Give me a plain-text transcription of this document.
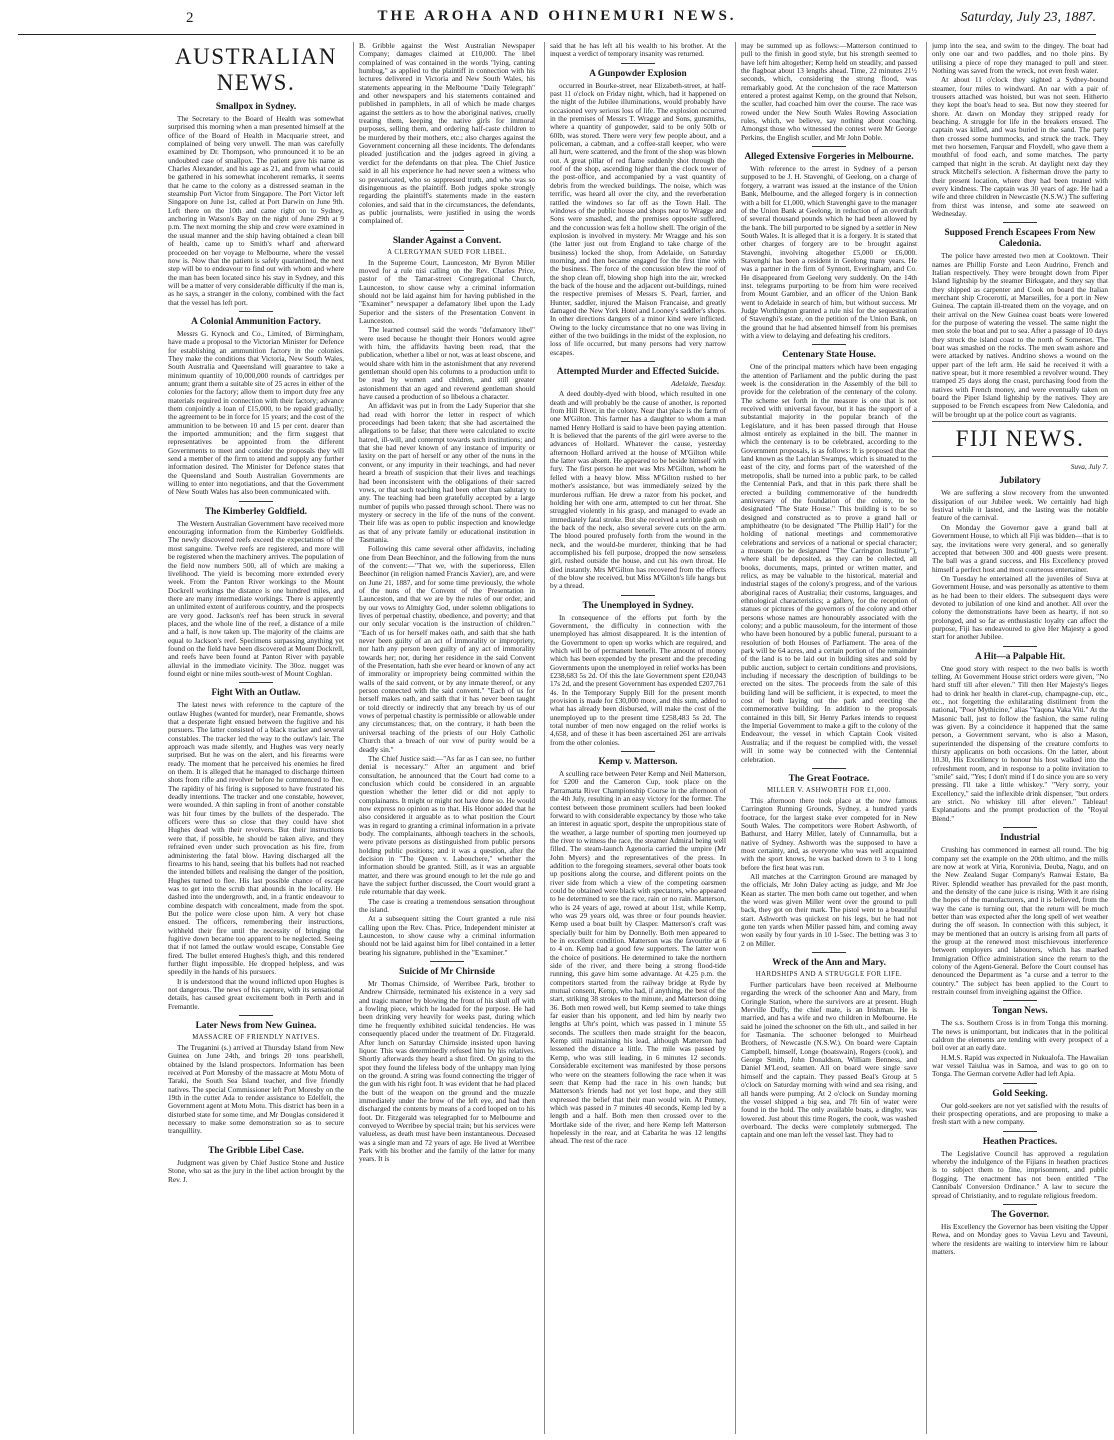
2	THE AROHA AND OHINEMURI NEWS.	Saturday, July 23, 1887.
AUSTRALIAN NEWS.
Smallpox in Sydney.

The Secretary to the Board of Health was somewhat surprised this morning when a man presented himself at the office of the Board of Health in Macquarie street, and complained of being very unwell. The man was carefully examined by Dr. Thompson, who pronounced it to be an undoubted case of smallpox. The patient gave his name as Charles Alexander, and his age as 21, and from what could be gathered in his somewhat incoherent remarks, it seems that he came to the colony as a distressed seaman in the steamship Port Victor from Singapore. The Port Victor left Singapore on June 1st, called at Port Darwin on June 9th. Left there on the 10th and came right on to Sydney, anchoring in Watson's Bay on the night of June 29th at 9 p.m. The next morning the ship and crew were examined in the usual manner and the ship having obtained a clean bill of health, came up to Smith's wharf and afterward proceeded on her voyage to Melbourne, where the vessel now is. Now that the patient is safely quarantined, the next step will be to endeavour to find out with whom and where the man has been located since his stay in Sydney, and this will be a matter of very considerable difficulty if the man is, as he says, a stranger in the colony, combined with the fact that the vessel has left port.

A Colonial Ammunition Factory.

Messrs G. Kynock and Co., Limited, of Birmingham, have made a proposal to the Victorian Minister for Defence for establishing an ammunition factory in the colonies. They make the conditions that Victoria, New South Wales, South Australia and Queensland will guarantee to take a minimum quantity of 10,000,000 rounds of cartridges per annum; grant them a suitable site of 25 acres in either of the colonies for the factory; allow them to import duty free any materials required in connection with their factory; advance them conjointly a loan of £15,000, to be repaid gradually; the agreement to be in force for 15 years; and the cost of the ammunition to be between 10 and 15 per cent. dearer than the imported ammunition; and the firm suggest that representatives be appointed from the different Governments to meet and consider the proposals they will send a member of the firm to attend and supply any further information desired. The Minister for Defence states that the Queensland and South Australian Governments are willing to enter into negotiations, and that the Government of New South Wales has also been communicated with.

The Kimberley Goldfield.

The Western Australian Government have received more encouraging information from the Kimberley Goldfields. The newly discovered reefs exceed the expectations of the most sanguine. Twelve reefs are registered, and more will be registered when the machinery arrives. The population of the field now numbers 500, all of which are making a livelihood. The yield is becoming more extended every week. From the Panton River workings to the Mount Dockrell workings the distance is one hundred miles, and there are many intermediate workings. There is apparently an unlimited extent of auriferous country, and the prospects are very good. Jackson's reef has been struck in several places, and the whole line of the reef, a distance of a mile and a half, is now taken up. The majority of the claims are equal to Jackson's reef. Specimens surpassing anything yet found on the field have been discovered at Mount Dockrell, and reefs have been found at Panton River with payable alluvial in the immediate vicinity. The 30oz. nugget was found eight or nine miles south-west of Mount Coghlan.

Fight With an Outlaw.

The latest news with reference to the capture of the outlaw Hughes (wanted for murder), near Fremantle, shows that a desperate fight ensued between the fugitive and his pursuers. The latter consisted of a black tracker and several constables. The tracker led the way to the outlaw's lair. The approach was made silently, and Hughes was very nearly surprised. But he was on the alert, and his firearms were ready. The moment that he perceived his enemies he fired on them. It is alleged that he managed to discharge thirteen shots from rifle and revolver before he commenced to flee. The rapidity of his firing is supposed to have frustrated his deadly intentions. The tracker and one constable, however, were wounded. A thin sapling in front of another constable was hit four times by the bullets of the desperado. The officers were thus so close that they could have shot Hughes dead with their revolvers. But their instructions were that, if possible, he should be taken alive, and they refrained even under such provocation as his fire, from administering the fatal blow. Having discharged all the firearms to his hand, seeing that his bullets had not reached the intended billets and realising the danger of the position, Hughes turned to flee. His last possible chance of escape was to get into the scrub that abounds in the locality. He dashed into the undergrowth, and, in a frantic endeavour to combine despatch with concealment, made from the spot. But the police were close upon him. A very hot chase ensued. The officers, remembering their instructions, withheld their fire until the necessity of bringing the fugitive down became too apparent to be neglected. Seeing that if not lamed the outlaw would escape, Constable Gee fired. The bullet entered Hughes's thigh, and this rendered further flight impossible. He dropped helpless, and was speedily in the hands of his pursuers.

It is understood that the wound inflicted upon Hughes is not dangerous. The news of his capture, with its sensational details, has caused great excitement both in Perth and in Fremantle.

Later News from New Guinea.
MASSACRE OF FRIENDLY NATIVES.

The Truganini (s.) arrived at Thursday Island from New Guinea on June 24th, and brings 20 tons pearlshell, obtained by the Island prospectors. Information has been received at Port Moresby of the massacre at Motu Motu of Taraki, the South Sea Island teacher, and five friendly natives. The special Commissioner left Port Moresby on the 19th in the cutter Ada to render assistance to Edelfelt, the Government agent at Motu Motu. This district has been in a disturbed state for some time, and Mr Douglas considered it necessary to make some demonstration so as to secure tranquillity.

The Gribble Libel Case.

Judgment was given by Chief Justice Stone and Justice Stone, who sat as the jury in the libel action brought by the Rev. J.

B. Gribble against the West Australian Newspaper Company; damages claimed at £10,000. The libel complained of was contained in the words "lying, canting humbug," as applied to the plaintiff in connection with his lectures delivered in Victoria and New South Wales, his statements appearing in the Melbourne "Daily Telegraph" and other newspapers and his statements contained and published in pamphlets, in all of which he made charges against the settlers as to how the aboriginal natives, cruelly treating them, keeping the native girls for immoral purposes, selling them, and ordering half-caste children to be murdered by their mothers, etc.; also charges against the Government concerning all these incidents. The defendants pleaded justification and the judges agreed in giving a verdict for the defendants on that plea. The Chief Justice said in all his experience he had never seen a witness who so prevaricated, who so suppressed truth, and who was so disingenuous as the plaintiff. Both judges spoke strongly regarding the plaintiff's statements made in the eastern colonies, and said that in the circumstances, the defendants, as public journalists, were justified in using the words complained of.

Slander Against a Convent.
A CLERGYMAN SUED FOR LIBEL.

In the Supreme Court, Launceston, Mr Byron Miller moved for a rule nisi calling on the Rev. Charles Price, pastor of the Tamar-street Congregational Church, Launceston, to show cause why a criminal information should not be laid against him for having published in the "Examiner" newspaper a defamatory libel upon the Lady Superior and the sisters of the Presentation Convent in Launceston.

The learned counsel said the words "defamatory libel" were used because he thought their Honors would agree with him, the affidavits having been read, that the publication, whether a libel or not, was at least obscene, and would share with him in the astonishment that any reverend gentleman should open his columns to a production unfit to be read by women and children, and still greater astonishment that an aged and reverend gentleman should have caused a production of so libelous a character.

An affidavit was put in from the Lady Superior that she had read with horror the letter in respect of which proceedings had been taken; that she had ascertained the allegations to be false; that there were calculated to excite hatred, ill-will, and contempt towards such institutions; and that she had never known of any instance of impurity or laxity on the part of herself or any other of the nuns in the convent, or any impurity in their teachings, and had never heard a breath of suspicion that their lives and teachings had been inconsistent with the obligations of their sacred vows, or that such teaching had been other than salutary to any. The teaching had been gratefully accepted by a large number of pupils who passed through school. There was no mystery or secrecy in the life of the nuns of the convent. Their life was as open to public inspection and knowledge as that of any private family or educational institution in Tasmania.

Following this came several other affidavits, including one from Dean Beechinor, and the following from the nuns of the convent:—"That we, with the superioress, Ellen Beechinor (in religion named Francis Xavier), are, and were on June 21, 1887, and for some time previously, the whole of the nuns of the Convent of the Presentation in Launceston, and that we are by the rules of our order, and by our vows to Almighty God, under solemn obligations to lives of perpetual chastity, obedience, and poverty; and that our only secular vocation is the instruction of children." "Each of us for herself makes oath, and saith that she hath never been guilty of an act of immorality or impropriety, nor hath any person been guilty of any act of immorality towards her; nor, during her residence in the said Convent of the Presentation, hath she ever heard or known of any act of immorality or impropriety being committed within the walls of the said convent, or by any inmate thereof, or any person connected with the said convent." "Each of us for herself makes oath, and saith that it has never been taught or told directly or indirectly that any breach by us of our vows of perpetual chastity is permissible or allowable under any circumstances; that, on the contrary, it hath been the universal teaching of the priests of our Holy Catholic Church that a breach of our vow of purity would be a deadly sin."

The Chief Justice said:—"As far as I can see, no further denial is necessary." After an argument and brief consultation, he announced that the Court had come to a conclusion which could be considered in an arguable question whether the letter did or did not apply to complainants. It might or might not have done so. He would now express no opinion as to that. His Honor added that he also considered it arguable as to what position the Court was in regard to granting a criminal information in a private body. The complainants, although teachers in the schools, were private persons as distinguished from public persons holding public positions; and it was a question, after the decision in "The Queen v. Labouchere," whether the information should be granted. Still, as it was an arguable matter, and there was ground enough to let the rule go and have the subject further discussed, the Court would grant a rule returnable that day week.

The case is creating a tremendous sensation throughout the island.

At a subsequent sitting the Court granted a rule nisi calling upon the Rev. Chas. Price, Independent minister at Launceston, to show cause why a criminal information should not be laid against him for libel contained in a letter bearing his signature, published in the "Examiner."

Suicide of Mr Chirnside

Mr Thomas Chirnside, of Werribee Park, brother to Andrew Chirnside, terminated his existence in a very sad and tragic manner by blowing the front of his skull off with a fowling piece, which he loaded for the purpose. He had been drinking very heavily for weeks past, during which time he frequently exhibited suicidal tendencies. He was consequently placed under the treatment of Dr. Fitzgerald. After lunch on Saturday Chirnside insisted upon having liquor. This was determinedly refused him by his relatives. Shortly afterwards they heard a shot fired. On going to the spot they found the lifeless body of the unhappy man lying on the ground. A string was found connecting the trigger of the gun with his right foot. It was evident that he had placed the butt of the weapon on the ground and the muzzle immediately under the brow of the left eye, and had then discharged the contents by means of a cord looped on to his foot. Dr. Fitzgerald was telegraphed for to Melbourne and conveyed to Werribee by special train; but his services were valueless, as death must have been instantaneous. Deceased was a single man and 72 years of age. He lived at Werribee Park with his brother and the family of the latter for many years. It is

said that he has left all his wealth to his brother. At the inquest a verdict of temporary insanity was returned.

A Gunpowder Explosion

occurred in Bourke-street, near Elizabeth-street, at half-past 11 o'clock on Friday night, which, had it happened on the night of the Jubilee illuminations, would probably have occasioned very serious loss of life. The explosion occurred in the premises of Messrs T. Wragge and Sons, gunsmiths, where a quantity of gunpowder, said to be only 50lb or 60lb, was stored. There were very few people about, and a policeman, a cabman, and a coffee-stall keeper, who were all hurt, were scattered, and the front of the shop was blown out. A great pillar of red flame suddenly shot through the roof of the shop, ascending higher than the clock tower of the post-office, and accompanied by a vast quantity of debris from the wrecked buildings. The noise, which was terrific, was heard all over the city, and the reverberation rattled the windows so far off as the Town Hall. The windows of the public house and shops near to Wragge and Sons were smashed, and the premises opposite suffered, and the concussion was felt a hollow shell. The origin of the explosion is involved in mystery. Mr Wragge and his son (the latter just out from England to take charge of the business) locked the shop, from Adelaide, on Saturday morning, and then became engaged for the first time with the business. The force of the concussion blew the roof of the shop clean off, blowing shop high into the air, wrecked the back of the house and the adjacent out-buildings, ruined the respective premises of Messrs S. Pearl, farrier, and Hunter, saddler, injured the Maison Francaise, and greatly damaged the New York Hotel and Looney's saddler's shops. In other directions dangers of a minor kind were inflicted. Owing to the lucky circumstance that no one was living in either of the two buildings in the midst of the explosion, no loss of life occurred, but many persons had very narrow escapes.

Attempted Murder and Effected Suicide.
Adelaide, Tuesday.

A deed doubly-dyed with blood, which resulted in one death and will probably be the cause of another, is reported from Hill River, in the colony. Near that place is the farm of one M'Gilton. This farmer has a daughter to whom a man named Henry Hollard is said to have been paying attention. It is believed that the parents of the girl were averse to the advances of Hollard. Whatever the cause, yesterday afternoon Hollard arrived at the house of M'Gilton while the latter was absent. He appeared to be beside himself with fury. The first person he met was Mrs M'Gilton, whom he felled with a heavy blow. Miss M'Gilton rushed to her mother's assistance, but was immediately seized by the murderous ruffian. He drew a razor from his pocket, and holding her with one arm, attempted to cut her throat. She struggled violently in his grasp, and managed to evade an immediately fatal stroke. But she received a terrible gash on the back of the neck, also several severe cuts on the arm. The blood poured profusely forth from the wound in the neck, and the would-be murderer, thinking that he had accomplished his fell purpose, dropped the now senseless girl, rushed outside the house, and cut his own throat. He died instantly. Mrs M'Gilton has recovered from the effects of the blow she received, but Miss M'Gilton's life hangs but by a thread.

The Unemployed in Sydney.

In consequence of the efforts put forth by the Government, the difficulty in connection with the unemployed has almost disappeared. It is the intention of the Government to open up works which are required, and which will be of permanent benefit. The amount of money which has been expended by the present and the preceding Governments upon the unemployed in relief works has been £238,683 5s 2d. Of this the late Government spent £20,043 17s 2d, and the present Government has expended £207,761 4s. In the Temporary Supply Bill for the present month provision is made for £30,000 more, and this sum, added to what has already been disbursed, will make the cost of the unemployed up to the present time £258,483 5s 2d. The total number of men now engaged on the relief works is 4,658, and of these it has been ascertained 261 are arrivals from the other colonies.

Kemp v. Matterson.

A sculling race between Peter Kemp and Neil Matterson, for £200 and the Cameron Cup, took place on the Parramatta River Championship Course in the afternoon of the 4th July, resulting in an easy victory for the former. The contest between those prominent scullers had been looked forward to with considerable expectancy by those who take an interest in aquatic sport, despite the unpropitious state of the weather, a large number of sporting men journeyed up the river to witness the race, the steamer Admiral being well filled. The steam-launch Agenoria carried the umpire (Mr John Myers) and the representatives of the press. In addition to the foregoing steamers, several other boats took up positions along the course, and different points on the river side from which a view of the competing oarsmen could be obtained were black with spectators, who appeared to be determined to see the race, rain or no rain. Matterson, who is 24 years of age, rowed at about 11st, while Kemp, who was 29 years old, was three or four pounds heavier. Kemp used a boat built by Clasper. Matterson's craft was specially built for him by Donnelly. Both men appeared to be in excellent condition. Matterson was the favourite at 6 to 4 on. Kemp had a good few supporters. The latter won the choice of positions. He determined to take the northern side of the river, and there being a strong flood-tide running, this gave him some advantage. At 4.25 p.m. the competitors started from the railway bridge at Ryde by mutual consent, Kemp, who had, if anything, the best of the start, striking 38 strokes to the minute, and Matterson doing 36. Both men rowed well, but Kemp seemed to take things far easier than his opponent, and led him by nearly two lengths at Uhr's point, which was passed in 1 minute 55 seconds. The scullers then made straight for the beacon, Kemp still maintaining his lead, although Matterson had lessened the distance a little. The mile was passed by Kemp, who was still leading, in 6 minutes 12 seconds. Considerable excitement was manifested by those persons who were on the steamers following the race when it was seen that Kemp had the race in his own hands; but Matterson's friends had not yet lost hope, and they still expressed the belief that their man would win. At Putney, which was passed in 7 minutes 40 seconds, Kemp led by a length and a half. Both men then crossed over to the Mortlake side of the river, and here Kemp left Matterson hopelessly in the rear, and at Cabarita he was 12 lengths ahead. The rest of the race

may be summed up as follows:—Matterson continued to pull to the finish in good style, but his strength seemed to have left him altogether; Kemp held on steadily, and passed the flagboat about 13 lengths ahead. Time, 22 minutes 21½ seconds, which, considering the strong flood, was remarkably good. At the conclusion of the race Matterson entered a protest against Kemp, on the ground that Nelson, the sculler, had coached him over the course. The race was rowed under the New South Wales Rowing Association rules, which, we believe, say nothing about coaching. Amongst those who witnessed the contest were Mr George Perkins, the English sculler, and Mr John Doble.

Alleged Extensive Forgeries in Melbourne.

With reference to the arrest in Sydney of a person supposed to be J. H. Stavenghi, of Geelong, on a charge of forgery, a warrant was issued at the instance of the Union Bank, Melbourne, and the alleged forgery is in connection with a bill for £1,000, which Stavenghi gave to the manager of the Union Bank at Geelong, in reduction of an overdraft of several thousand pounds which he had been allowed by the bank. The bill purported to be signed by a settler in New South Wales. It is alleged that it is a forgery. It is stated that other charges of forgery are to be brought against Stavenghi, involving altogether £5,000 or £6,000. Stavenghi has been a resident in Geelong many years. He was a partner in the firm of Synnott, Everingham, and Co. He disappeared from Geelong very suddenly. On the 14th inst. telegrams purporting to be from him were received from Mount Gambier, and an officer of the Union Bank went to Adelaide in search of him, but without success. Mr Judge Worthington granted a rule nisi for the sequestration of Stavenghi's estate, on the petition of the Union Bank, on the ground that he had absented himself from his premises with a view to delaying and defeating his creditors.

Centenary State House.

One of the principal matters which have been engaging the attention of Parliament and the public during the past week is the consideration in the Assembly of the bill to provide for the celebration of the centenary of the colony. The scheme set forth in the measure is one that is not received with universal favour, but it has the support of a substantial majority in the popular branch of the Legislature, and it has been passed through that House almost entirely as explained in the bill. The manner in which the centenary is to be celebrated, according to the Government proposals, is as follows: It is proposed that the land known as the Lachlan Swamps, which is situated to the east of the city, and forms part of the watershed of the metropolis, shall be turned into a public park, to be called the Centennial Park, and that in this park there shall be erected a building commemorative of the hundredth anniversary of the foundation of the colony, to be designated "The State House." This building is to be so designed and constructed as to prove a grand hall or amphitheatre (to be designated "The Phillip Hall") for the holding of national meetings and commemorative celebrations and services of a national or special character; a museum (to be designated "The Carrington Institute"), where shall be deposited, as they can be collected, all books, documents, maps, printed or written matter, and relics, as may be valuable to the historical, material and industrial stages of the colony's progress, and of the various aboriginal races of Australia; their customs, languages, and ethnological characteristics; a gallery, for the reception of statues or pictures of the governors of the colony and other persons whose names are honourably associated with the colony; and a public mausoleum, for the interment of those who have been honoured by a public funeral, pursuant to a resolution of both Houses of Parliament. The area of the park will be 64 acres, and a certain portion of the remainder of the land is to be laid out in building sites and sold by public auction, subject to certain conditions and provisions, including if necessary the description of buildings to be erected on the sites. The proceeds from the sale of this building land will be sufficient, it is expected, to meet the cost of both laying out the park and erecting the commemorative building. In addition to the proposals contained in this bill, Sir Henry Parkes intends to request the Imperial Government to make a gift to the colony of the Endeavour, the vessel in which Captain Cook visited Australia; and if the request be complied with, the vessel will in some way be connected with the Centennial celebration.

The Great Footrace.
MILLER V. ASHWORTH FOR £1,000.

This afternoon there took place at the now famous Carrington Running Grounds, Sydney, a hundred yards footrace, for the largest stake ever competed for in New South Wales. The competitors were Robert Ashworth, of Bathurst, and Harry Miller, lately of Cunnamulla, but a native of Sydney. Ashworth was the supposed to have a most certainty, and, as everyone who was well acquainted with the sport knows, he was backed down to 3 to 1 long before the first heat was run.

All matches at the Carrington Ground are managed by the officials, Mr John Daley acting as judge, and Mr Joe Kean as starter. The men both came out together, and when the word was given Miller went over the ground to pull back, they got on their mark. The pistol went to a beautiful start. Ashworth was quickest on his legs, but he had not gone ten yards when Miller passed him, and coming away won easily by four yards in 10 1-5sec. The betting was 3 to 2 on Miller.

Wreck of the Ann and Mary.
HARDSHIPS AND A STRUGGLE FOR LIFE.

Further particulars have been received at Melbourne regarding the wreck of the schooner Ann and Mary, from Coringle Station, where the survivors are at present. Hugh Merville Duffy, the chief mate, is an Irishman. He is married, and has a wife and two children in Melbourne. He said he joined the schooner on the 6th ult., and sailed in her for Tasmania. The schooner belonged to Muirhead Brothers, of Newcastle (N.S.W.). On board were Captain Campbell, himself, Longe (boatswain), Rogers (cook), and George Smith, John Donaldson, William Benness, and Daniel M'Leod, seamen. All on board were single save himself and the captain. They passed Beal's Group at 5 o'clock on Saturday morning with wind and sea rising, and all hands were pumping. At 2 o'clock on Sunday morning the vessel shipped a big sea, and 7ft 6in of water were found in the hold. The only available boats, a dinghy, was lowered. Just about this time Rogers, the cook, was washed overboard. The decks were completely submerged. The captain and one man left the vessel last. They had to

jump into the sea, and swim to the dingey. The boat had only one oar and two paddles, and no thole pins. By utilising a piece of rope they managed to pull and steer. Nothing was saved from the wreck, not even fresh water.

At about 11 o'clock they sighted a Sydney-bound steamer, four miles to windward. An oar with a pair of trousers attached was hoisted, but was not seen. Hitherto they kept the boat's head to sea. But now they steered for shore. At dawn on Monday they stripped ready for beaching. A struggle for life in the breakers ensued. The captain was killed, and was buried in the sand. The party then crossed some hummocks, and struck the track. They met two horsemen, Farquar and Floydell, who gave them a mouthful of food each, and some matches. The party camped that night in the scrub. At daylight next day they struck Mitchell's selection. A fisherman drove the party to their present location, where they had been treated with every kindness. The captain was 30 years of age. He had a wife and three children in Newcastle (N.S.W.) The suffering from thirst was intense, and some ate seaweed on Wednesday.

Supposed French Escapees From New Caledonia.

The police have arrested two men at Cooktown. Their names are Phillip Forste and Leon Audrino, French and Italian respectively. They were brought down from Piper Island lightship by the steamer Birksgate, and they say that they shipped as carpenter and Cook on board the Italian merchant ship Crocerotti, at Marseilles, for a port in New Guinea. The captain ill-treated them on the voyage, and on their arrival on the New Guinea coast boats were lowered for the purpose of watering the vessel. The same night the men stole the boat and put to sea. After a passage of 10 days they struck the island coast to the north of Somerset. The boat was smashed on the rocks. The men swam ashore and were attacked by natives. Andrino shows a wound on the upper part of the left arm. He said he received it with a native spear, but it more resembled a revolver wound. They tramped 25 days along the coast, purchasing food from the natives with French money, and were eventually taken on board the Piper Island lightship by the natives. They are supposed to be French escapees from New Caledonia, and will be brought up at the police court as vagrants.

FIJI NEWS.
Suva, July 7.
Jubilatory

We are suffering a slow recovery from the unwonted dissipation of our Jubilee week. We certainly had high festival while it lasted, and the lasting was the notable feature of the carnival.

On Monday the Governor gave a grand ball at Government House, to which all Fiji was bidden—that is to say, the invitations were very general, and so generally accepted that between 300 and 400 guests were present. The ball was a grand success, and His Excellency proved himself a perfect host and most courteous entertainer.

On Tuesday he entertained all the juveniles of Suva at Government House, and was personally as attentive to them as he had been to their elders. The subsequent days were devoted to jubilation of one kind and another. All over the colony the demonstrations have been as hearty, if not so prolonged, and so far as enthusiastic loyalty can affect the purpose, Fiji has endeavoured to give Her Majesty a good start for another Jubilee.

A Hit—a Palpable Hit.

One good story with respect to the two balls is worth telling. At Government House strict orders were given, "No hard stuff till after eleven." Till then Her Majesty's lieges had to drink her health in claret-cup, champagne-cup, etc., etc., not forgetting the exhilarating distilment from the national, "Poor Mythicine," alias "Yaqona Vaka Viti." At the Masonic ball, just to follow the fashion, the same ruling was given. By a coincidence it happened that the same person, a Government servant, who is also a Mason, superintended the dispensing of the creature comforts to thirsty applicants on both occasions. On the latter, about 10.30, His Excellency to honour his host walked into the refreshment room, and in response to a polite invitation to "smile" said, "Yes; I don't mind if I do since you are so very pressing. I'll take a little whiskey." "Very sorry, your Excellency," said the inflexible drink dispenser, "but orders are strict. No whiskey till after eleven." Tableau! Explanations and the prompt production of the "Royal Blend."

Industrial

Crushing has commenced in earnest all round. The big company set the example on the 20th ultimo, and the mills are now at work at Viria, Koronivia, Deuba, Nagu, and on the New Zealand Sugar Company's Ranwai Estate, Ba River. Splendid weather has prevailed for the past month, and the density of the cane juice is rising. With it are rising the hopes of the manufacturers, and it is believed, from the way the cane is turning out, that the return will be much better than was expected after the long spell of wet weather during the off season. In connection with this subject, it may be mentioned that an outcry is arising from all parts of the group at the renewed most mischievous interference between employers and labourers, which has marked Immigration Office administration since the return to the colony of the Agent-General. Before the Court counsel has denounced the Department as "a curse and a terror to the country." The subject has been applied to the Court to restrain counsel from inveighing against the Office.

Tongan News.

The s.s. Southern Cross is in from Tonga this morning. The news is unimportant, but indicates that in the political caldron the elements are tending with every prospect of a boil over at an early date.

H.M.S. Rapid was expected in Nukualofa. The Hawaiian war vessel Taiulua was in Samoa, and was to go on to Tonga. The German corvette Adler had left Apia.

Gold Seeking.

Our gold-seekers are not yet satisfied with the results of their prospecting operations, and are proposing to make a fresh start with a new company.

Heathen Practices.

The Legislative Council has approved a regulation whereby the indulgence of the Fijians in heathen practices is to subject them to fine, imprisonment, and public flogging. The enactment has not been entitled "The Cannibals' Conversion Ordinance." A law to secure the spread of Christianity, and to regulate religious freedom.

The Governor.

His Excellency the Governor has been visiting the Upper Rewa, and on Monday goes to Vavua Levu and Taveuni, where the residents are waiting to interview him re labour matters.
